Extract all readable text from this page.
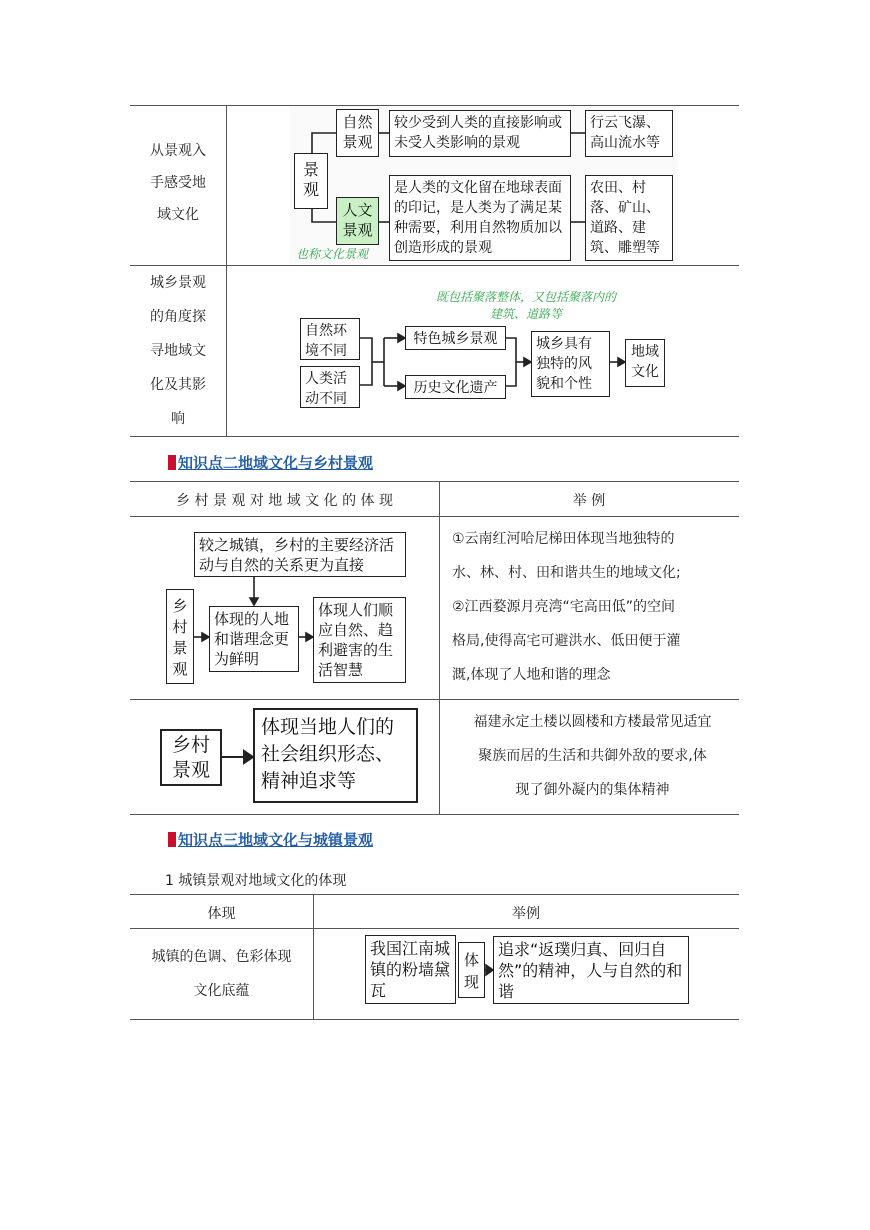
从景观入
手感受地
域文化
城乡景观
的角度探
寻地域文
化及其影
响
景观
自然景观
较少受到人类的直接影响或未受人类影响的景观
行云飞瀑、高山流水等
人文景观
是人类的文化留在地球表面的印记，是人类为了满足某种需要，利用自然物质加以创造形成的景观
农田、村落、矿山、道路、建筑、雕塑等
也称文化景观
既包括聚落整体，又包括聚落内的建筑、道路等
自然环境不同
人类活动不同
特色城乡景观
历史文化遗产
城乡具有独特的风貌和个性
地域文化
知识点二地域文化与乡村景观
乡 村 景 观 对 地 域 文 化 的 体 现	举 例
较之城镇，乡村的主要经济活动与自然的关系更为直接
乡村景观
体现的人地和谐理念更为鲜明
体现人们顺应自然、趋利避害的生活智慧
①云南红河哈尼梯田体现当地独特的
水、林、村、田和谐共生的地域文化;
②江西婺源月亮湾“宅高田低”的空间
格局,使得高宅可避洪水、低田便于灌
溉,体现了人地和谐的理念
乡村景观
体现当地人们的社会组织形态、精神追求等
福建永定土楼以圆楼和方楼最常见适宜
聚族而居的生活和共御外敌的要求,体
现了御外凝内的集体精神
知识点三地域文化与城镇景观
1 城镇景观对地域文化的体现
体现	举例
城镇的色调、色彩体现
文化底蕴
我国江南城镇的粉墙黛瓦
体现
追求“返璞归真、回归自然”的精神，人与自然的和谐
